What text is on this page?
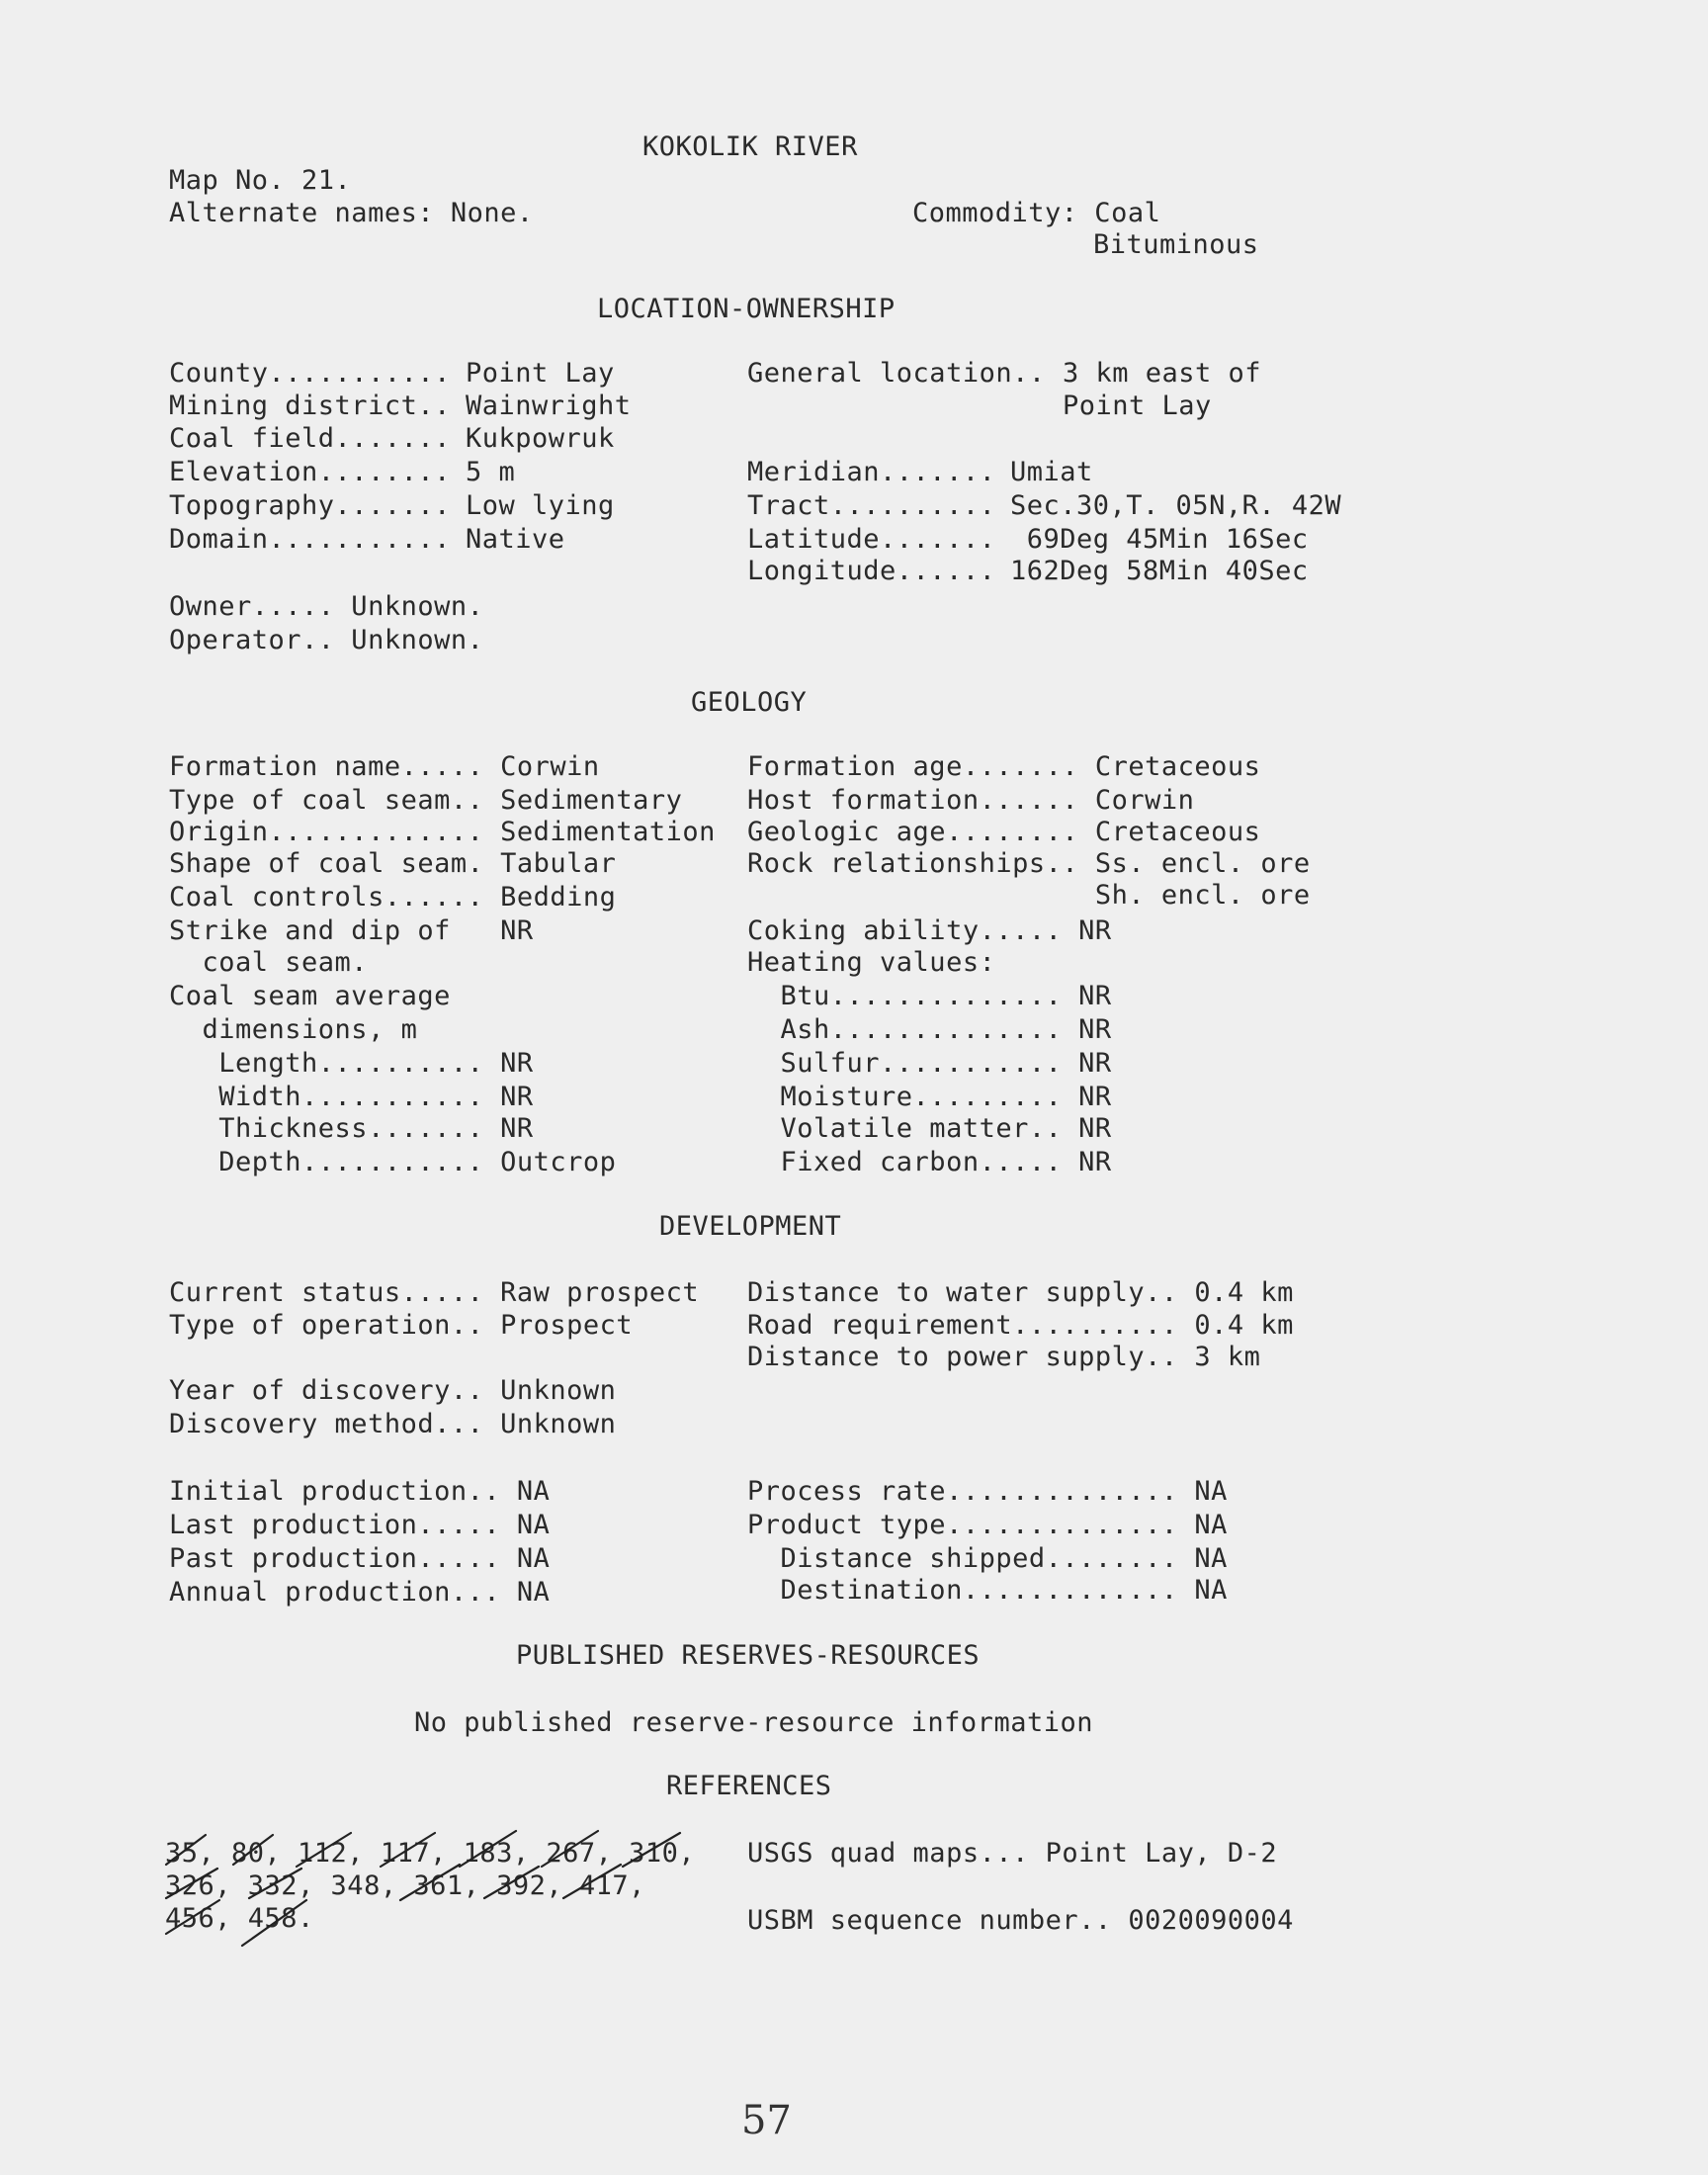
KOKOLIK RIVER
Map No. 21.
Alternate names: None.	Commodity: Coal
Bituminous
LOCATION-OWNERSHIP
County........... Point Lay
Mining district.. Wainwright
Coal field....... Kukpowruk
Elevation........ 5 m
Topography....... Low lying
Domain........... Native
General location.. 3 km east of
Point Lay
Meridian....... Umiat
Tract.......... Sec.30,T. 05N,R. 42W
Latitude....... 69Deg 45Min 16Sec
Longitude...... 162Deg 58Min 40Sec
Owner..... Unknown.
Operator.. Unknown.
GEOLOGY
Formation name..... Corwin
Type of coal seam.. Sedimentary
Origin............. Sedimentation
Shape of coal seam. Tabular
Coal controls...... Bedding
Strike and dip of   NR
coal seam.
Coal seam average
dimensions, m
Length.......... NR
Width........... NR
Thickness....... NR
Depth........... Outcrop
Formation age....... Cretaceous
Host formation...... Corwin
Geologic age........ Cretaceous
Rock relationships.. Ss. encl. ore
Sh. encl. ore
Coking ability..... NR
Heating values:
Btu.............. NR
Ash.............. NR
Sulfur........... NR
Moisture......... NR
Volatile matter.. NR
Fixed carbon..... NR
DEVELOPMENT
Current status..... Raw prospect
Type of operation.. Prospect
Year of discovery.. Unknown
Discovery method... Unknown
Distance to water supply.. 0.4 km
Road requirement.......... 0.4 km
Distance to power supply.. 3 km
Initial production.. NA
Last production..... NA
Past production..... NA
Annual production... NA
Process rate.............. NA
Product type.............. NA
Distance shipped........ NA
Destination............. NA
PUBLISHED RESERVES-RESOURCES
No published reserve-resource information
REFERENCES
35, 80, 112, 117, 183, 267, 310,
326, 332, 348, 361, 392, 417,
456, 458.
USGS quad maps... Point Lay, D-2
USBM sequence number.. 0020090004
57
